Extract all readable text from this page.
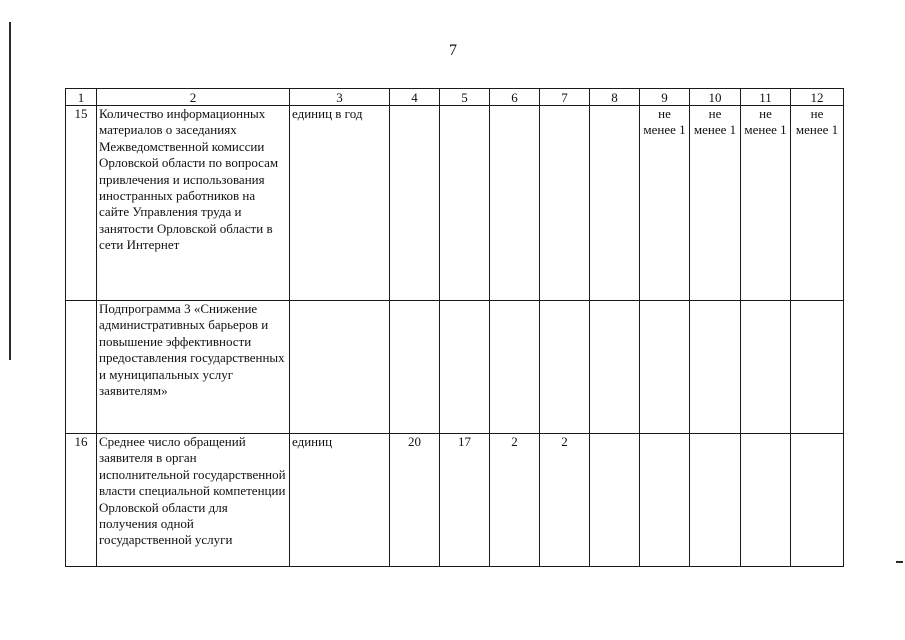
7
1	2	3	4	5	6	7	8	9	10	11	12
15	Количество информационных материалов о заседаниях Межведомственной комиссии Орловской области по вопросам привлечения и использования иностранных работников на сайте Управления труда и занятости Орловской области в сети Интернет	единиц в год						не менее 1	не менее 1	не менее 1	не менее 1
	Подпрограмма 3 «Снижение административных барьеров и повышение эффективности предоставления государственных и муниципальных услуг заявителям»										
16	Среднее число обращений заявителя в орган исполнительной государственной власти специальной компетенции Орловской области для получения одной государственной услуги	единиц	20	17	2	2					
